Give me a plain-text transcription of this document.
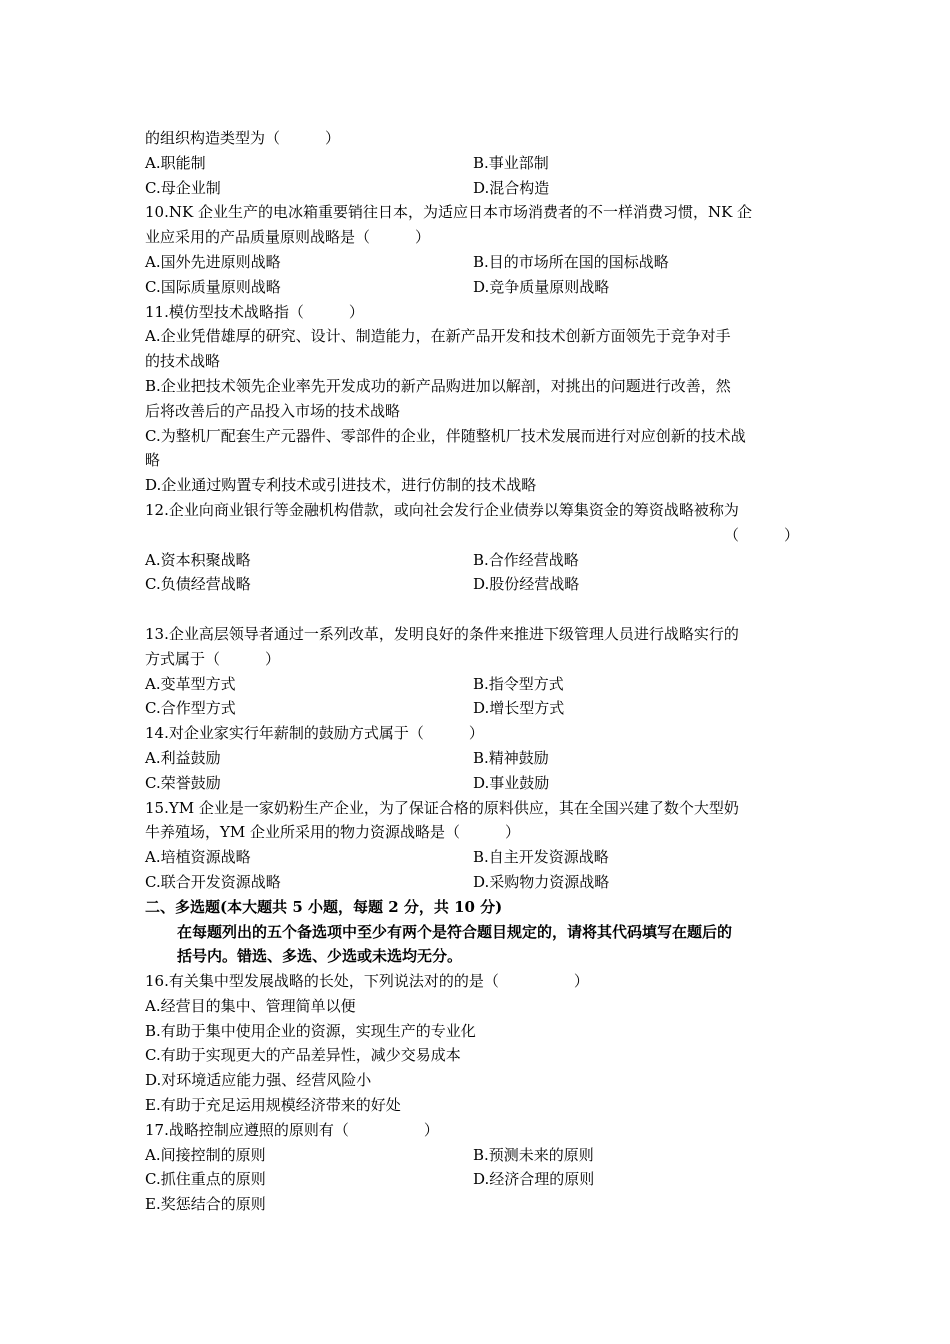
的组织构造类型为（　　　）
A.职能制	B.事业部制
C.母企业制	D.混合构造
10.NK 企业生产的电冰箱重要销往日本，为适应日本市场消费者的不一样消费习惯，NK 企
业应采用的产品质量原则战略是（　　　）
A.国外先进原则战略	B.目的市场所在国的国标战略
C.国际质量原则战略	D.竞争质量原则战略
11.模仿型技术战略指（　　　）
A.企业凭借雄厚的研究、设计、制造能力，在新产品开发和技术创新方面领先于竞争对手
的技术战略
B.企业把技术领先企业率先开发成功的新产品购进加以解剖，对挑出的问题进行改善，然
后将改善后的产品投入市场的技术战略
C.为整机厂配套生产元器件、零部件的企业，伴随整机厂技术发展而进行对应创新的技术战
略
D.企业通过购置专利技术或引进技术，进行仿制的技术战略
12.企业向商业银行等金融机构借款，或向社会发行企业债券以筹集资金的筹资战略被称为
（　　　）
A.资本积聚战略	B.合作经营战略
C.负债经营战略	D.股份经营战略
13.企业高层领导者通过一系列改革，发明良好的条件来推进下级管理人员进行战略实行的
方式属于（　　　）
A.变革型方式	B.指令型方式
C.合作型方式	D.增长型方式
14.对企业家实行年薪制的鼓励方式属于（　　　）
A.利益鼓励	B.精神鼓励
C.荣誉鼓励	D.事业鼓励
15.YM 企业是一家奶粉生产企业，为了保证合格的原料供应，其在全国兴建了数个大型奶
牛养殖场，YM 企业所采用的物力资源战略是（　　　）
A.培植资源战略	B.自主开发资源战略
C.联合开发资源战略	D.采购物力资源战略
二、多选题(本大题共 5 小题，每题 2 分，共 10 分)
在每题列出的五个备选项中至少有两个是符合题目规定的，请将其代码填写在题后的
括号内。错选、多选、少选或未选均无分。
16.有关集中型发展战略的长处，下列说法对的的是（　　　　　）
A.经营目的集中、管理简单以便
B.有助于集中使用企业的资源，实现生产的专业化
C.有助于实现更大的产品差异性，减少交易成本
D.对环境适应能力强、经营风险小
E.有助于充足运用规模经济带来的好处
17.战略控制应遵照的原则有（　　　　　）
A.间接控制的原则	B.预测未来的原则
C.抓住重点的原则	D.经济合理的原则
E.奖惩结合的原则
